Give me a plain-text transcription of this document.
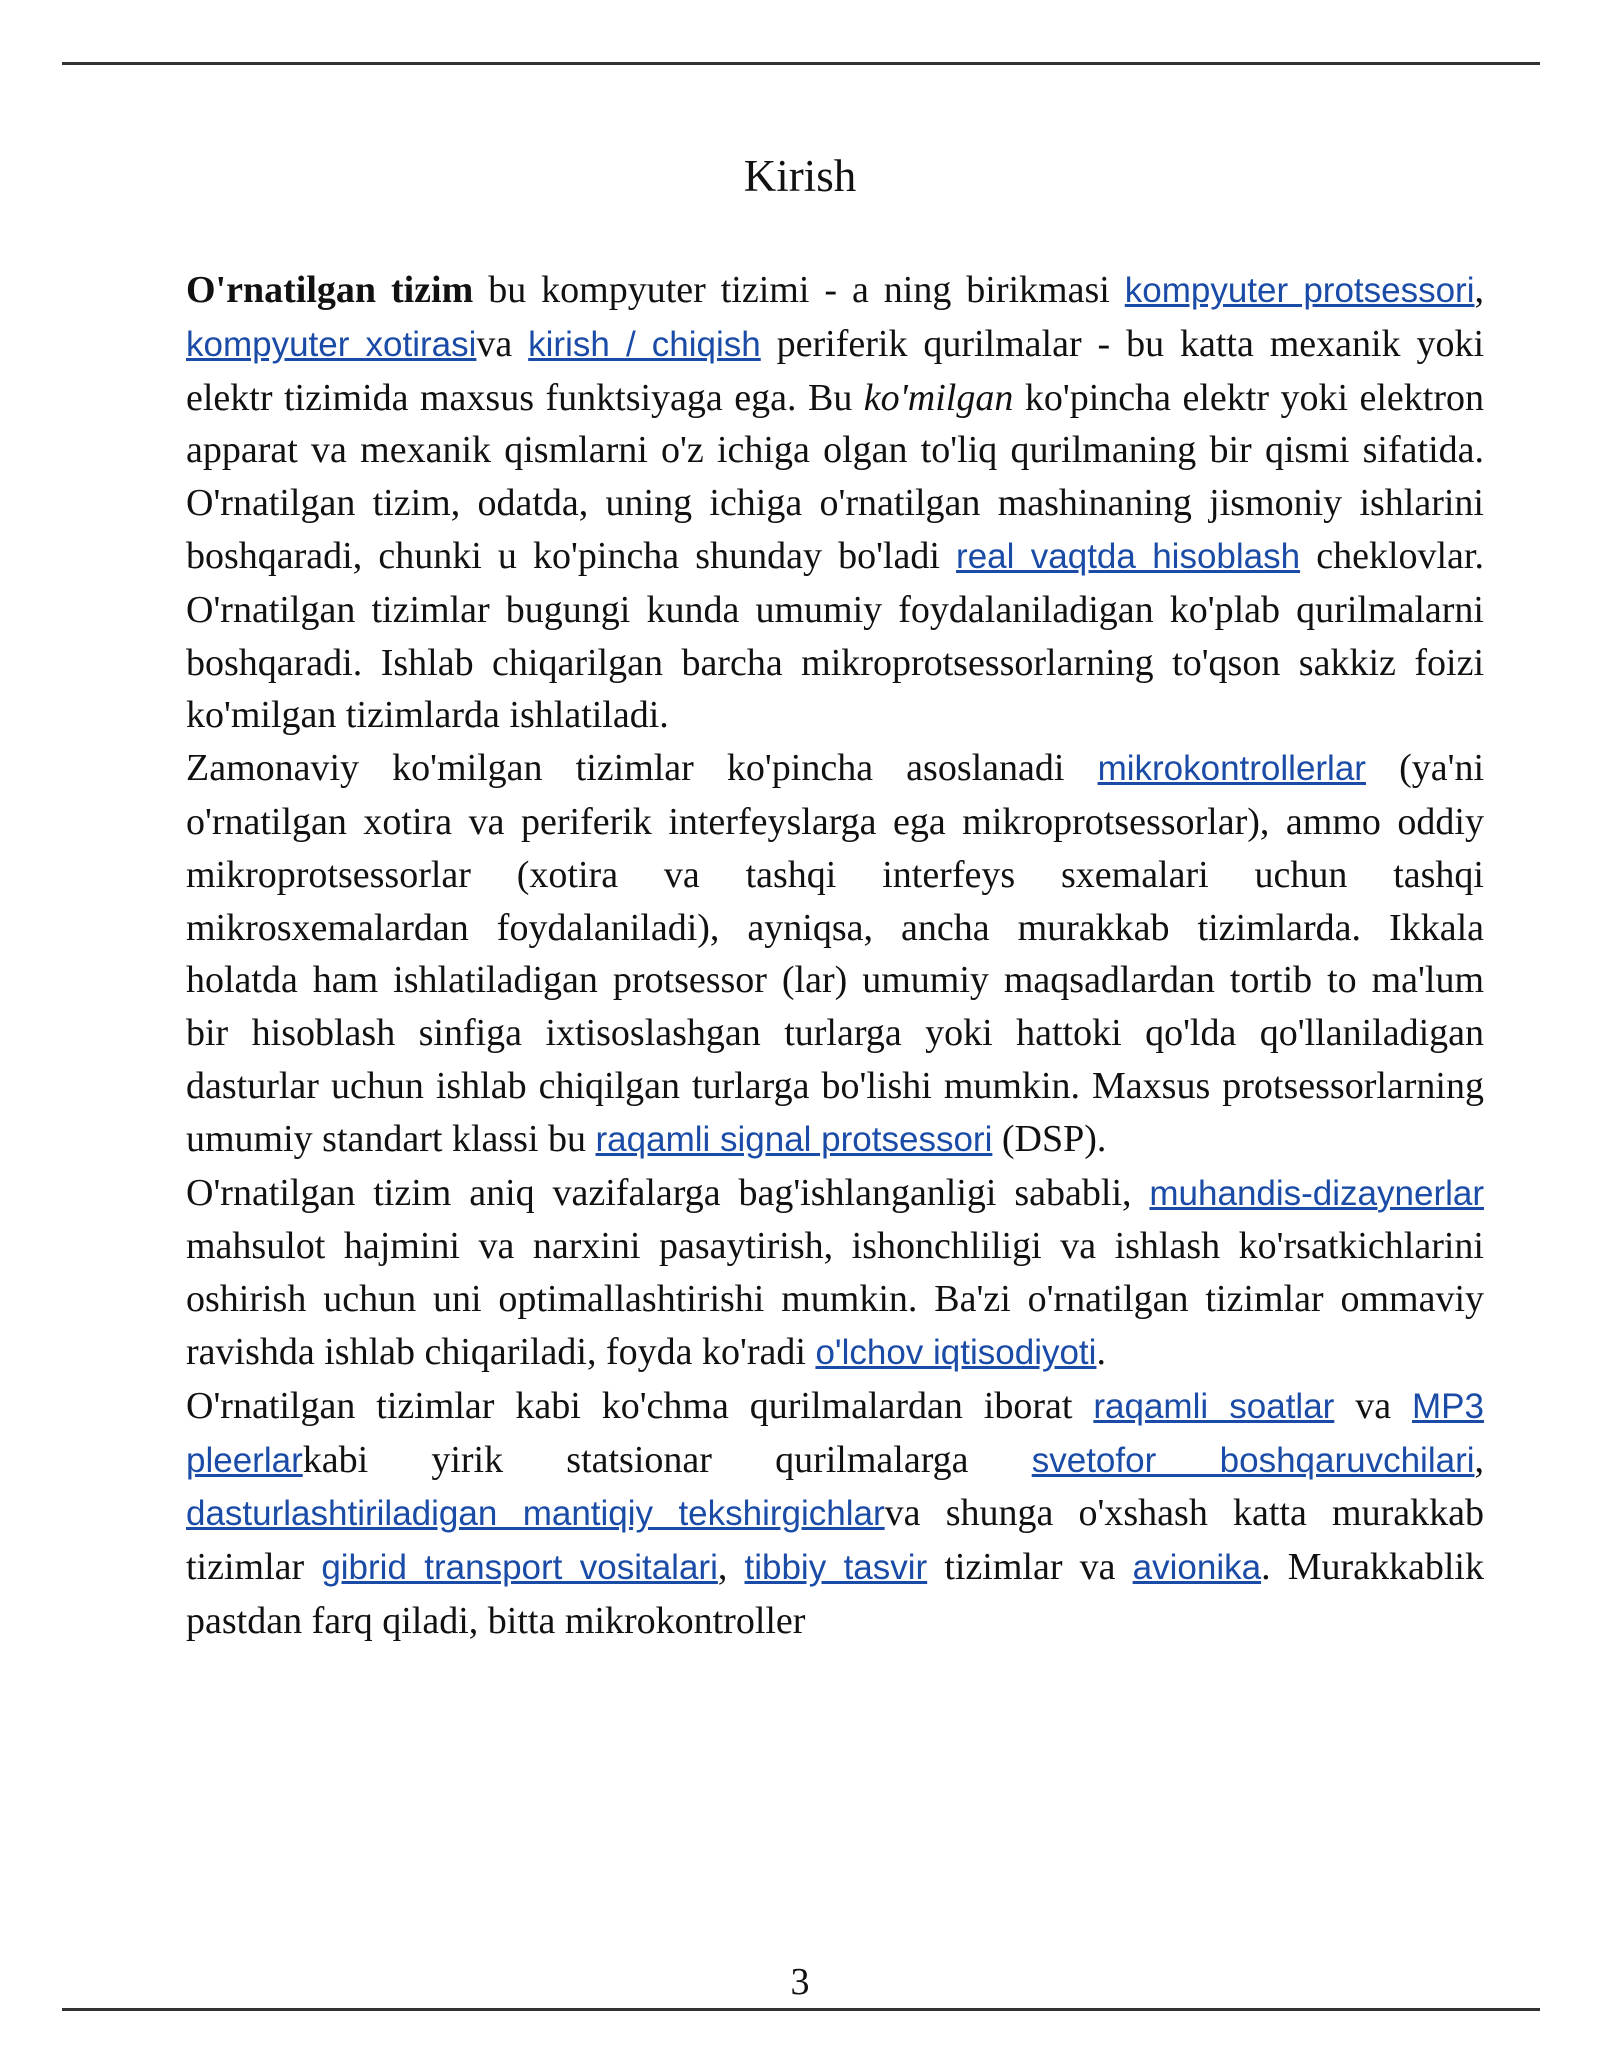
Kirish

O'rnatilgan tizim bu kompyuter tizimi - a ning birikmasi kompyuter protsessori, kompyuter xotirasiva kirish / chiqish periferik qurilmalar - bu katta mexanik yoki elektr tizimida maxsus funktsiyaga ega. Bu ko'milgan ko'pincha elektr yoki elektron apparat va mexanik qismlarni o'z ichiga olgan to'liq qurilmaning bir qismi sifatida. O'rnatilgan tizim, odatda, uning ichiga o'rnatilgan mashinaning jismoniy ishlarini boshqaradi, chunki u ko'pincha shunday bo'ladi real vaqtda hisoblash cheklovlar. O'rnatilgan tizimlar bugungi kunda umumiy foydalaniladigan ko'plab qurilmalarni boshqaradi. Ishlab chiqarilgan barcha mikroprotsessorlarning to'qson sakkiz foizi ko'milgan tizimlarda ishlatiladi.

Zamonaviy ko'milgan tizimlar ko'pincha asoslanadi mikrokontrollerlar (ya'ni o'rnatilgan xotira va periferik interfeyslarga ega mikroprotsessorlar), ammo oddiy mikroprotsessorlar (xotira va tashqi interfeys sxemalari uchun tashqi mikrosxemalardan foydalaniladi), ayniqsa, ancha murakkab tizimlarda. Ikkala holatda ham ishlatiladigan protsessor (lar) umumiy maqsadlardan tortib to ma'lum bir hisoblash sinfiga ixtisoslashgan turlarga yoki hattoki qo'lda qo'llaniladigan dasturlar uchun ishlab chiqilgan turlarga bo'lishi mumkin. Maxsus protsessorlarning umumiy standart klassi bu raqamli signal protsessori (DSP).

O'rnatilgan tizim aniq vazifalarga bag'ishlanganligi sababli, muhandis-dizaynerlar mahsulot hajmini va narxini pasaytirish, ishonchliligi va ishlash ko'rsatkichlarini oshirish uchun uni optimallashtirishi mumkin. Ba'zi o'rnatilgan tizimlar ommaviy ravishda ishlab chiqariladi, foyda ko'radi o'lchov iqtisodiyoti.

O'rnatilgan tizimlar kabi ko'chma qurilmalardan iborat raqamli soatlar va MP3 pleerlarkabi yirik statsionar qurilmalarga svetofor boshqaruvchilari, dasturlashtiriladigan mantiqiy tekshirgichlarva shunga o'xshash katta murakkab tizimlar gibrid transport vositalari, tibbiy tasvir tizimlar va avionika. Murakkablik pastdan farq qiladi, bitta mikrokontroller

3
